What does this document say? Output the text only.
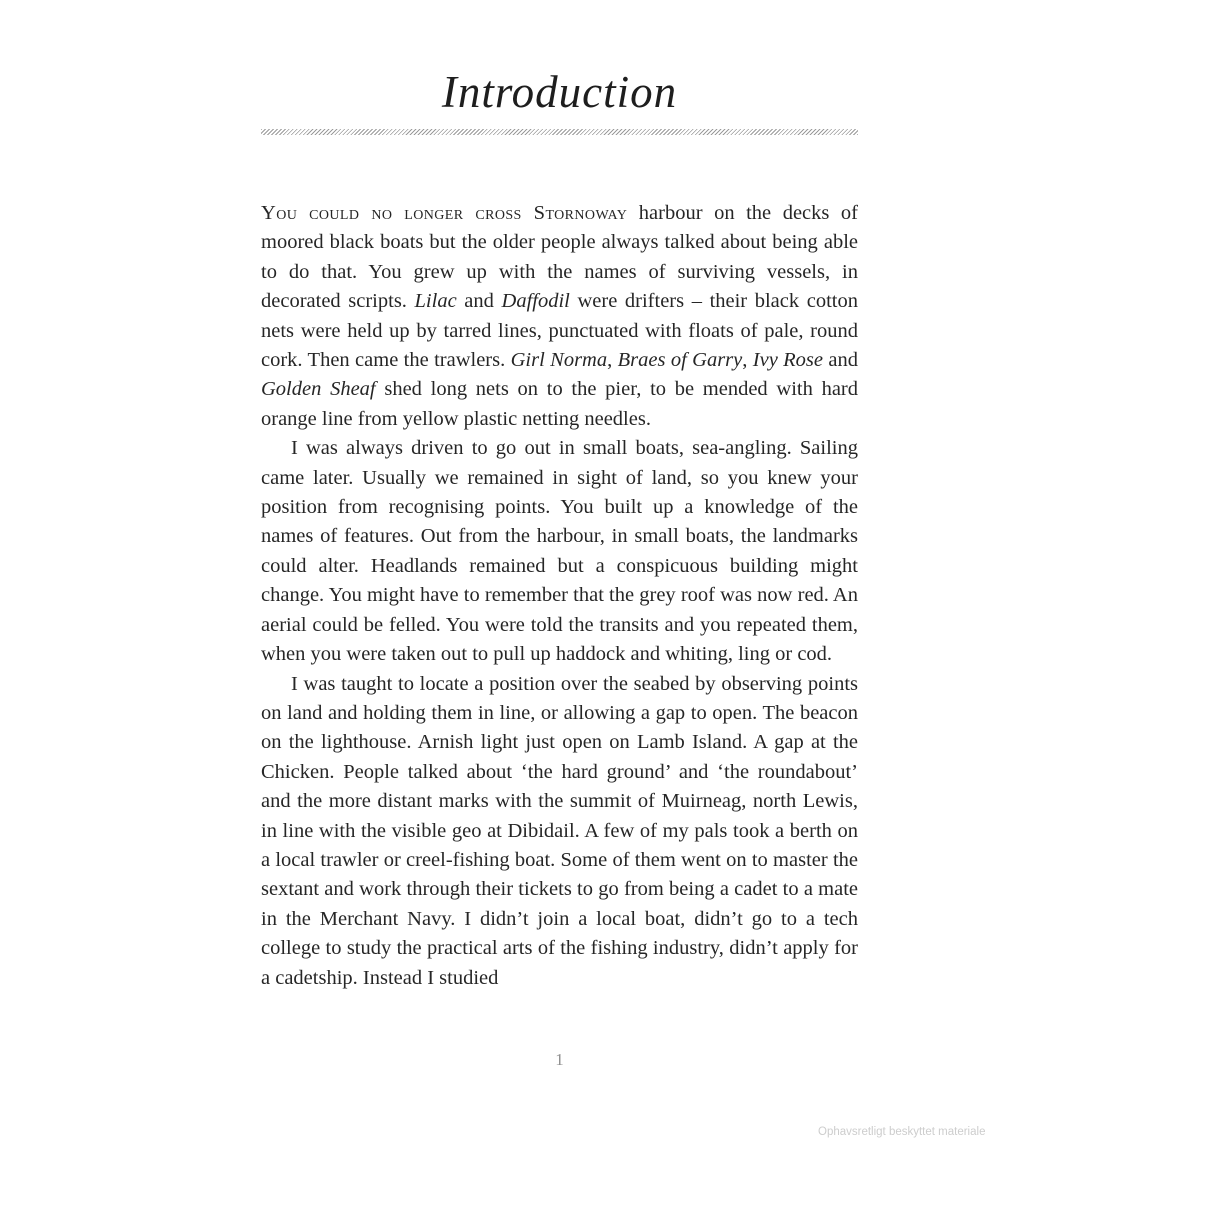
Introduction

You could no longer cross Stornoway harbour on the decks of moored black boats but the older people always talked about being able to do that. You grew up with the names of surviving vessels, in decorated scripts. Lilac and Daffodil were drifters – their black cotton nets were held up by tarred lines, punctuated with floats of pale, round cork. Then came the trawlers. Girl Norma, Braes of Garry, Ivy Rose and Golden Sheaf shed long nets on to the pier, to be mended with hard orange line from yellow plastic netting needles.

I was always driven to go out in small boats, sea-angling. Sailing came later. Usually we remained in sight of land, so you knew your position from recognising points. You built up a knowledge of the names of features. Out from the harbour, in small boats, the landmarks could alter. Headlands remained but a conspicuous building might change. You might have to remember that the grey roof was now red. An aerial could be felled. You were told the transits and you repeated them, when you were taken out to pull up haddock and whiting, ling or cod.

I was taught to locate a position over the seabed by observing points on land and holding them in line, or allowing a gap to open. The beacon on the lighthouse. Arnish light just open on Lamb Island. A gap at the Chicken. People talked about ‘the hard ground’ and ‘the roundabout’ and the more distant marks with the summit of Muirneag, north Lewis, in line with the visible geo at Dibidail. A few of my pals took a berth on a local trawler or creel-fishing boat. Some of them went on to master the sextant and work through their tickets to go from being a cadet to a mate in the Merchant Navy. I didn’t join a local boat, didn’t go to a tech college to study the practical arts of the fishing industry, didn’t apply for a cadetship. Instead I studied

1
Ophavsretligt beskyttet materiale
